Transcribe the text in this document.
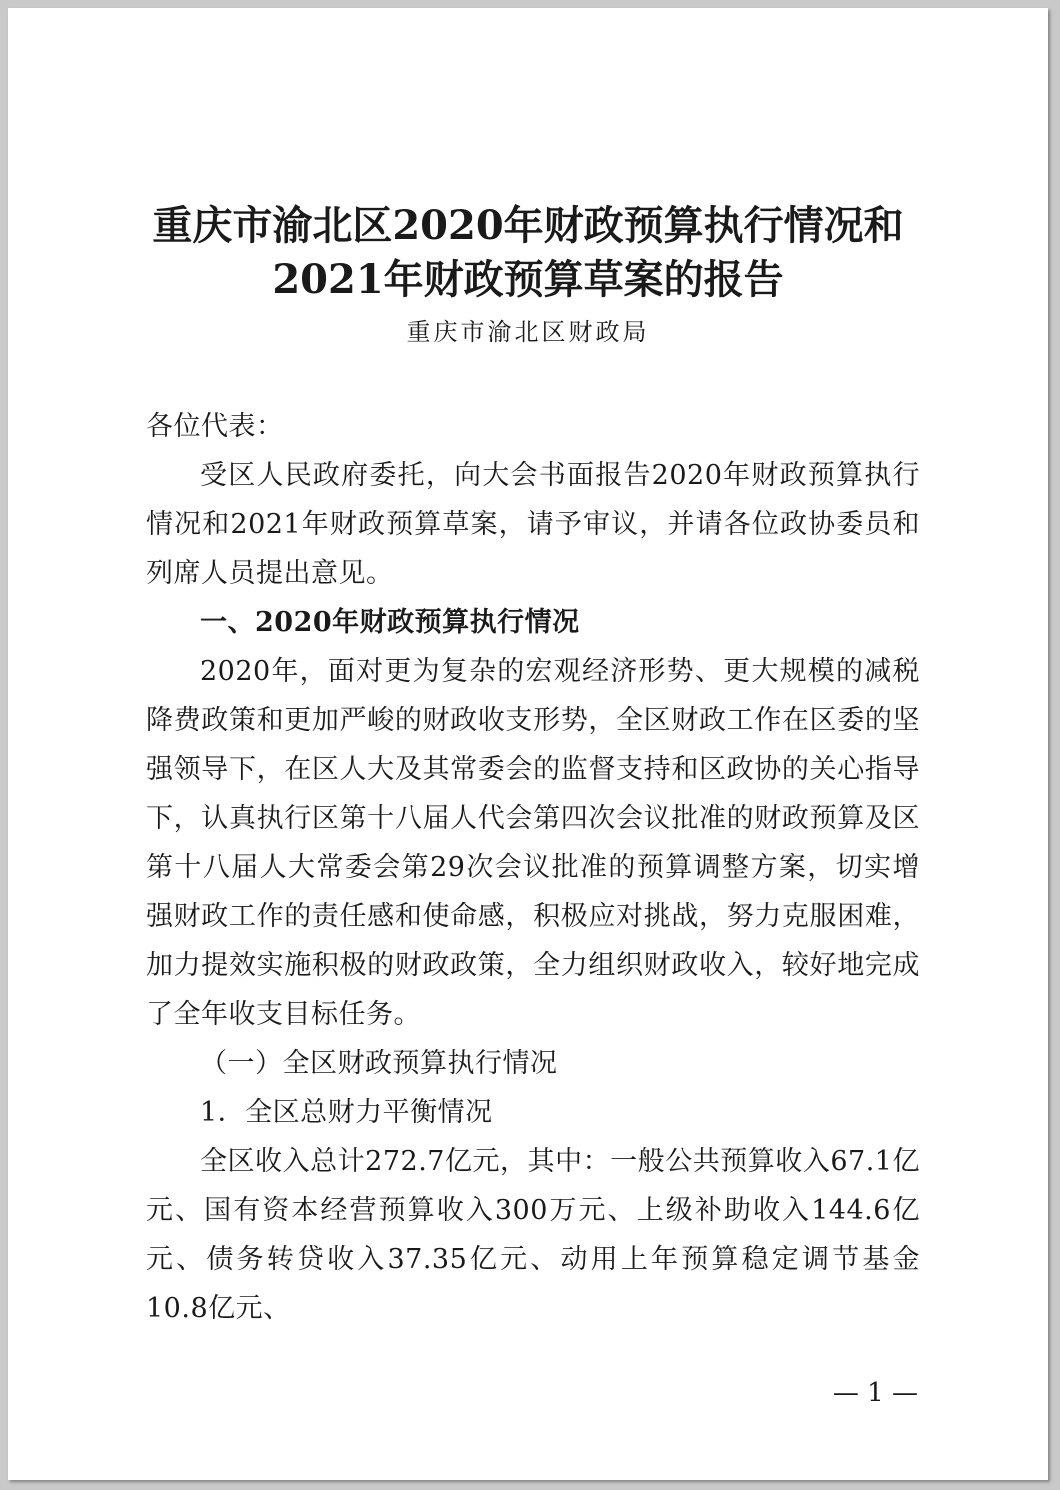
重庆市渝北区2020年财政预算执行情况和
2021年财政预算草案的报告
重庆市渝北区财政局

各位代表：

受区人民政府委托，向大会书面报告2020年财政预算执行情况和2021年财政预算草案，请予审议，并请各位政协委员和列席人员提出意见。

一、2020年财政预算执行情况

2020年，面对更为复杂的宏观经济形势、更大规模的减税降费政策和更加严峻的财政收支形势，全区财政工作在区委的坚强领导下，在区人大及其常委会的监督支持和区政协的关心指导下，认真执行区第十八届人代会第四次会议批准的财政预算及区第十八届人大常委会第29次会议批准的预算调整方案，切实增强财政工作的责任感和使命感，积极应对挑战，努力克服困难，加力提效实施积极的财政政策，全力组织财政收入，较好地完成了全年收支目标任务。

（一）全区财政预算执行情况

1．全区总财力平衡情况

全区收入总计272.7亿元，其中：一般公共预算收入67.1亿元、国有资本经营预算收入300万元、上级补助收入144.6亿元、债务转贷收入37.35亿元、动用上年预算稳定调节基金10.8亿元、

— 1 —
